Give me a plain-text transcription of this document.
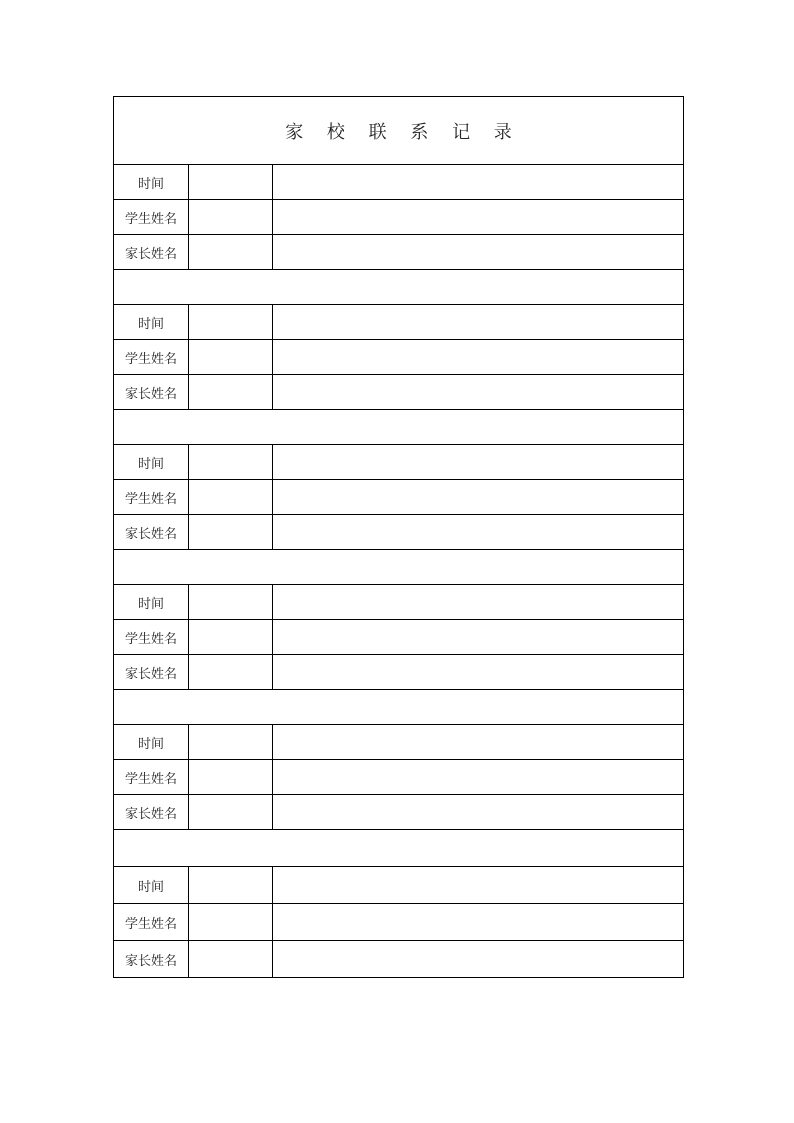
家 校 联 系 记 录		
时间		
学生姓名		
家长姓名		

时间		
学生姓名		
家长姓名		

时间		
学生姓名		
家长姓名		

时间		
学生姓名		
家长姓名		

时间		
学生姓名		
家长姓名		

时间		
学生姓名		
家长姓名		
